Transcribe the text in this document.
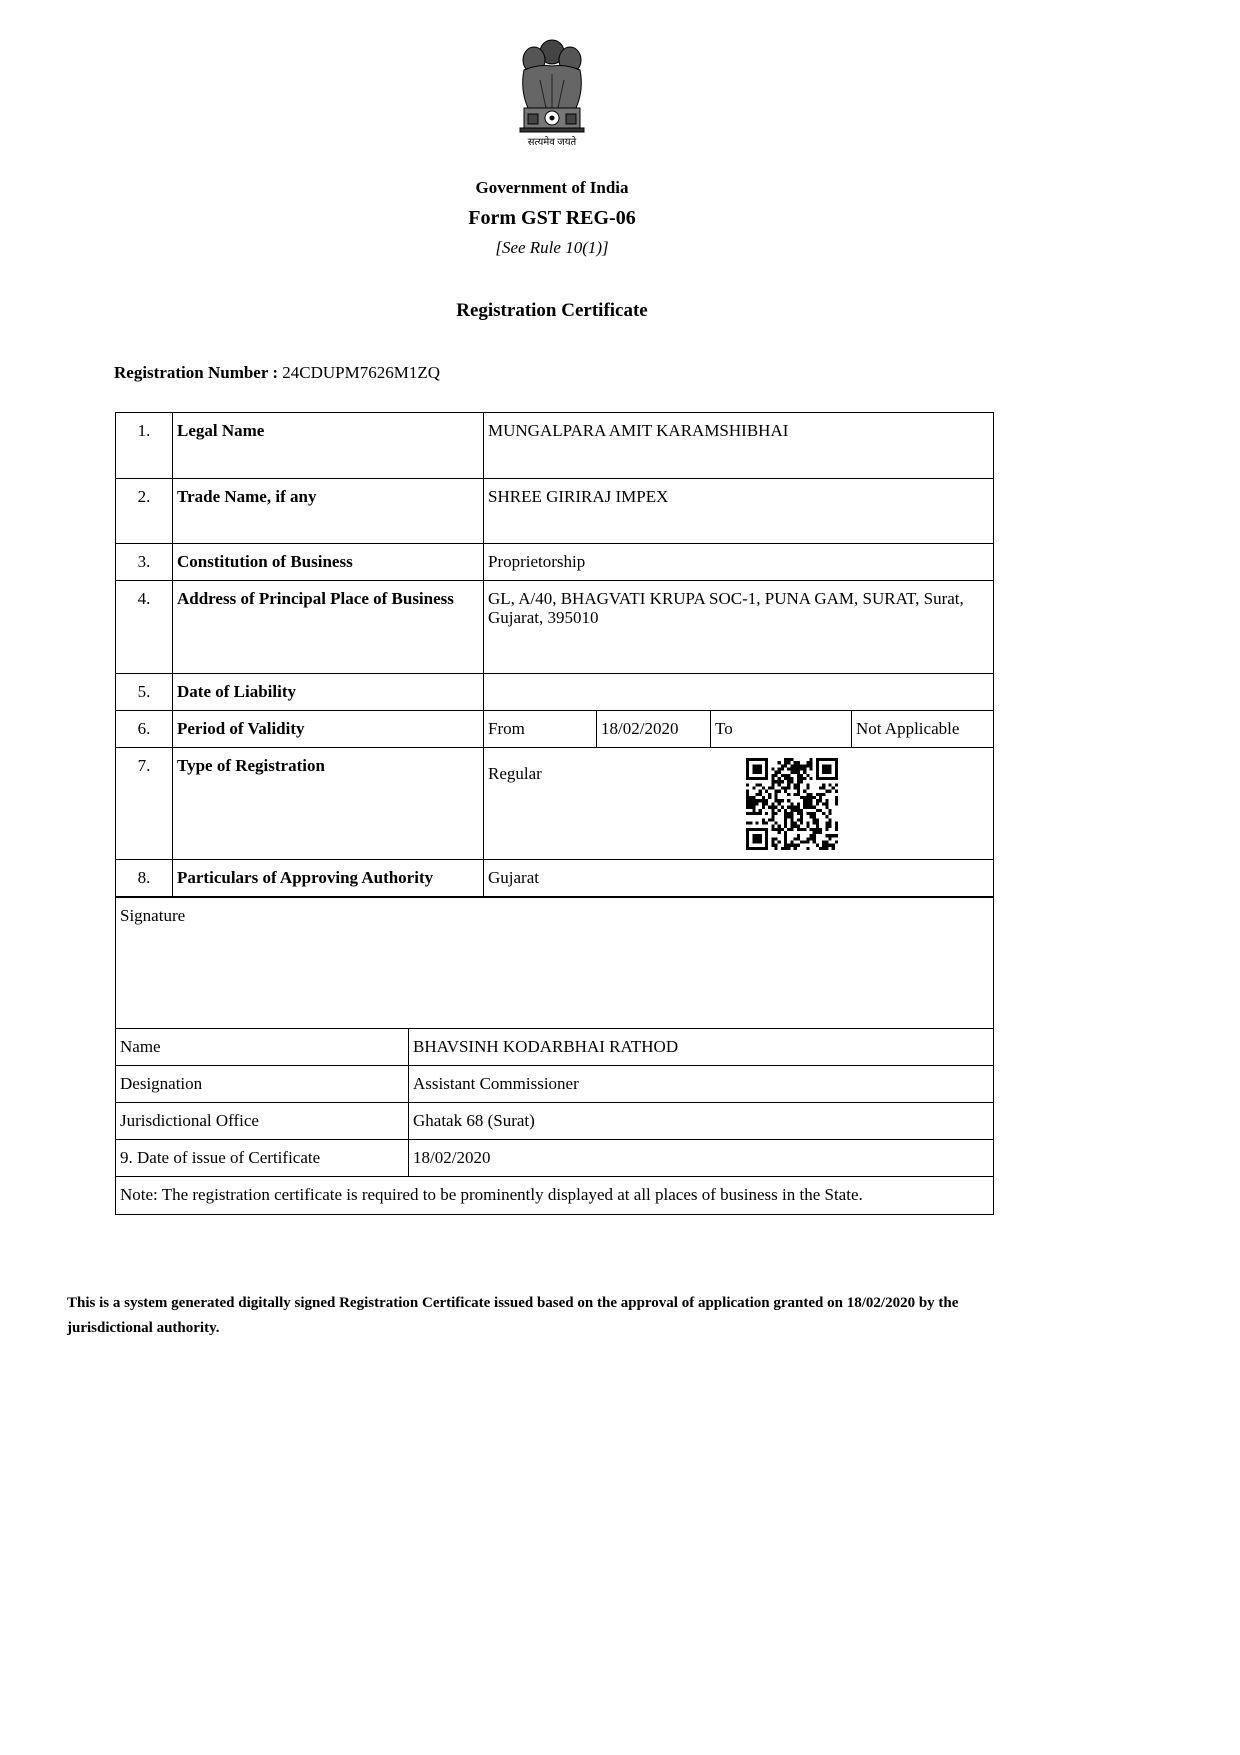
सत्यमेव जयते
Government of India
Form GST REG-06
[See Rule 10(1)]
Registration Certificate
Registration Number : 24CDUPM7626M1ZQ
1.	Legal Name	MUNGALPARA AMIT KARAMSHIBHAI			
2.	Trade Name, if any	SHREE GIRIRAJ IMPEX			
3.	Constitution of Business	Proprietorship			
4.	Address of Principal Place of Business	GL, A/40, BHAGVATI KRUPA SOC-1, PUNA GAM, SURAT, Surat, Gujarat, 395010			
5.	Date of Liability				
6.	Period of Validity	From	18/02/2020	To	Not Applicable
7.	Type of Registration	Regular			

8.	Particulars of Approving Authority	Gujarat			
Signature	
Name	BHAVSINH KODARBHAI RATHOD
Designation	Assistant Commissioner
Jurisdictional Office	Ghatak 68 (Surat)
9. Date of issue of Certificate	18/02/2020
Note: The registration certificate is required to be prominently displayed at all places of business in the State.	
This is a system generated digitally signed Registration Certificate issued based on the approval of application granted on 18/02/2020 by the jurisdictional authority.
